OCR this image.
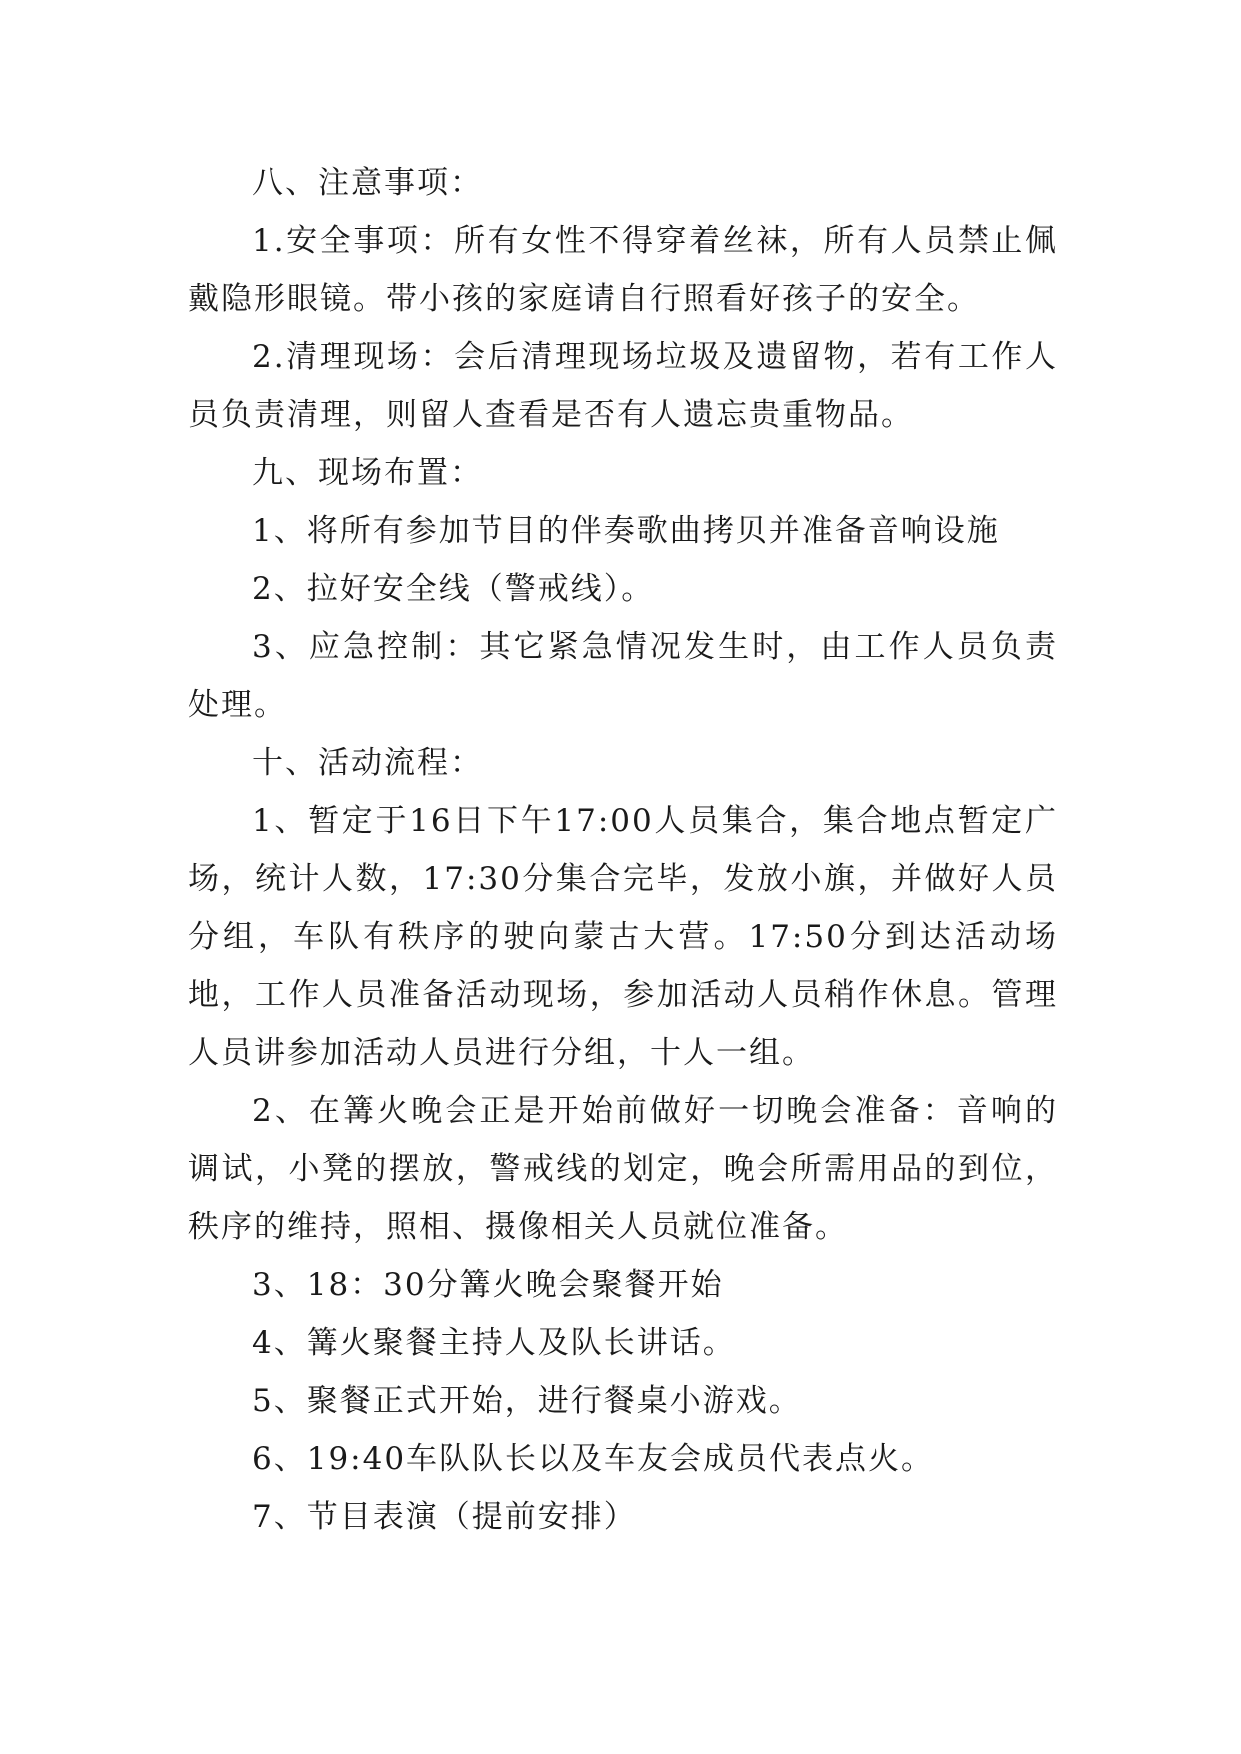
八、注意事项：

1.安全事项：所有女性不得穿着丝袜，所有人员禁止佩戴隐形眼镜。带小孩的家庭请自行照看好孩子的安全。

2.清理现场：会后清理现场垃圾及遗留物，若有工作人员负责清理，则留人查看是否有人遗忘贵重物品。

九、现场布置：

1、将所有参加节目的伴奏歌曲拷贝并准备音响设施

2、拉好安全线（警戒线）。

3、应急控制：其它紧急情况发生时，由工作人员负责处理。

十、活动流程：

1、暂定于16日下午17:00人员集合，集合地点暂定广场，统计人数，17:30分集合完毕，发放小旗，并做好人员分组，车队有秩序的驶向蒙古大营。17:50分到达活动场地，工作人员准备活动现场，参加活动人员稍作休息。管理人员讲参加活动人员进行分组，十人一组。

2、在篝火晚会正是开始前做好一切晚会准备：音响的调试，小凳的摆放，警戒线的划定，晚会所需用品的到位，秩序的维持，照相、摄像相关人员就位准备。

3、18：30分篝火晚会聚餐开始

4、篝火聚餐主持人及队长讲话。

5、聚餐正式开始，进行餐桌小游戏。

6、19:40车队队长以及车友会成员代表点火。

7、节目表演（提前安排）
